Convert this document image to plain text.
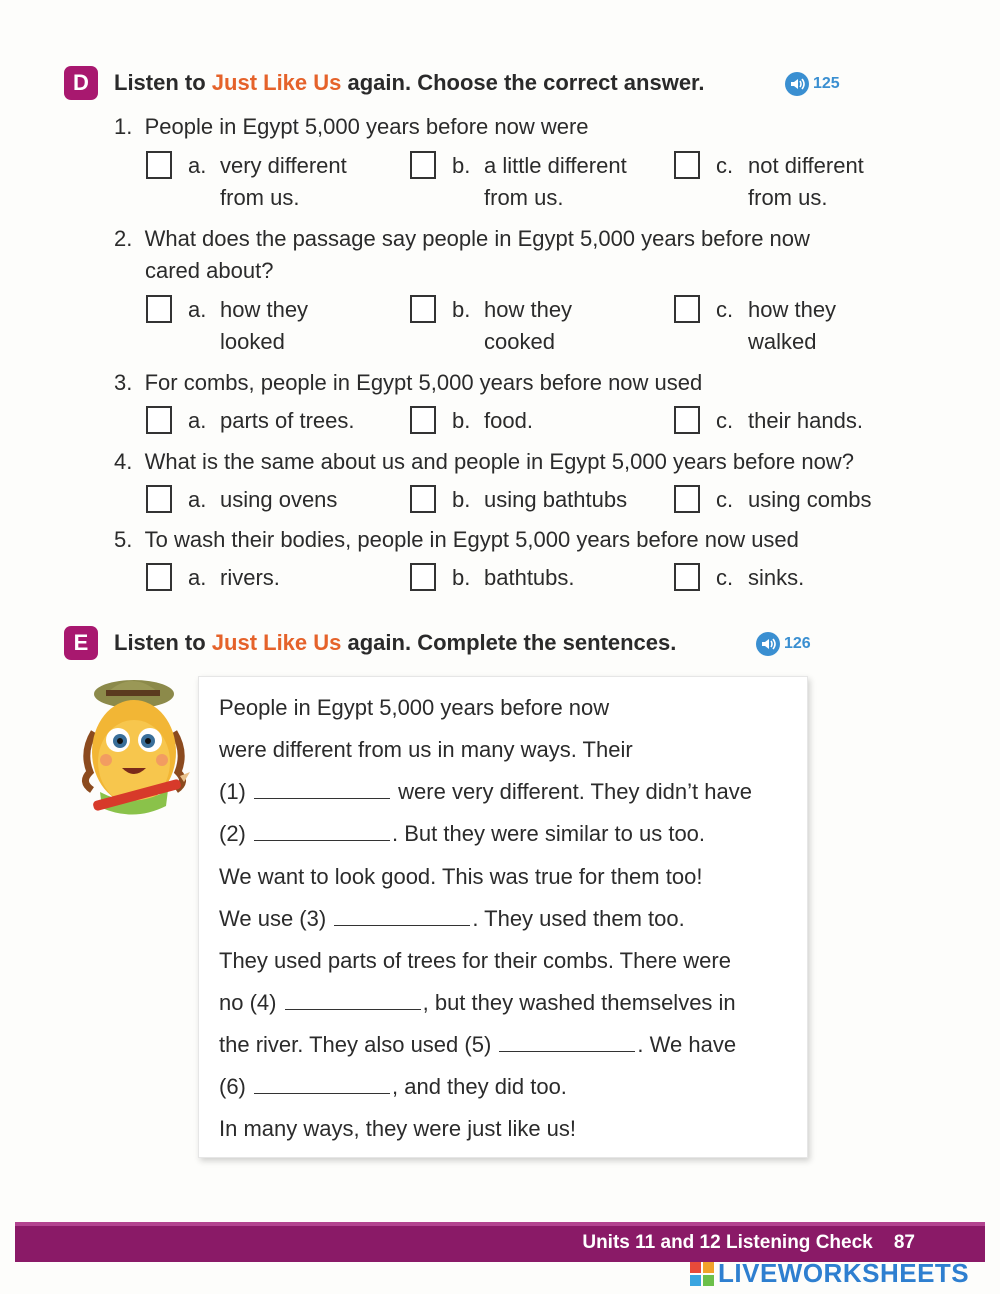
D	Listen to Just Like Us again. Choose the correct answer.	125
1. People in Egypt 5,000 years before now were
a. very different
from us.
b. a little different
from us.
c. not different
from us.
2. What does the passage say people in Egypt 5,000 years before now
cared about?
a. how they
looked
b. how they
cooked
c. how they
walked
3. For combs, people in Egypt 5,000 years before now used
a. parts of trees.	b. food.	c. their hands.
4. What is the same about us and people in Egypt 5,000 years before now?
a. using ovens	b. using bathtubs	c. using combs
5. To wash their bodies, people in Egypt 5,000 years before now used
a. rivers.	b. bathtubs.	c. sinks.
E	Listen to Just Like Us again. Complete the sentences.	126
People in Egypt 5,000 years before now
were different from us in many ways. Their
(1)	were very different. They didn’t have
(2)	. But they were similar to us too.
We want to look good. This was true for them too!
We use (3)	. They used them too.
They used parts of trees for their combs. There were
no (4)	, but they washed themselves in
the river. They also used (5)	. We have
(6)	, and they did too.
In many ways, they were just like us!
Units 11 and 12 Listening Check 87
LIVEWORKSHEETS
